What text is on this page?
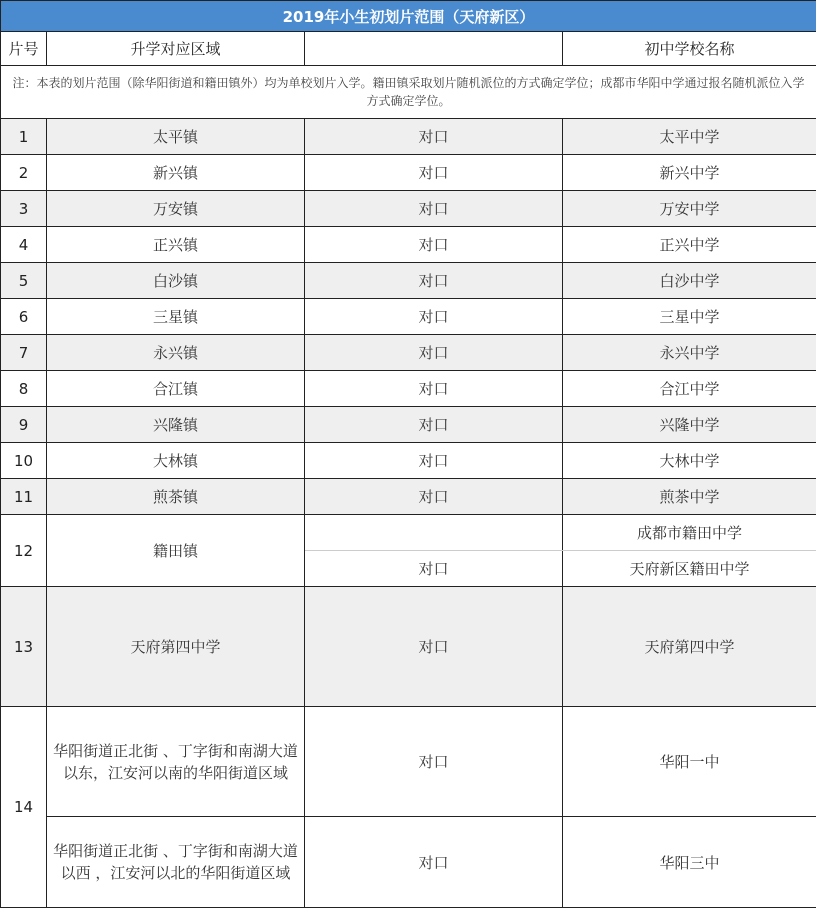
2019年小生初划片范围（天府新区）			
片号	升学对应区域		初中学校名称
注：本表的划片范围（除华阳街道和籍田镇外）均为单校划片入学。籍田镇采取划片随机派位的方式确定学位；成都市华阳中学通过报名随机派位入学方式确定学位。			
1	太平镇	对口	太平中学
2	新兴镇	对口	新兴中学
3	万安镇	对口	万安中学
4	正兴镇	对口	正兴中学
5	白沙镇	对口	白沙中学
6	三星镇	对口	三星中学
7	永兴镇	对口	永兴中学
8	合江镇	对口	合江中学
9	兴隆镇	对口	兴隆中学
10	大林镇	对口	大林中学
11	煎茶镇	对口	煎茶中学
12	籍田镇		成都市籍田中学
		对口	天府新区籍田中学
13	天府第四中学	对口	天府第四中学
14	华阳街道正北街 、丁字街和南湖大道以东，江安河以南的华阳街道区域	对口	华阳一中
	华阳街道正北街 、丁字街和南湖大道以西 ，江安河以北的华阳街道区域	对口	华阳三中
